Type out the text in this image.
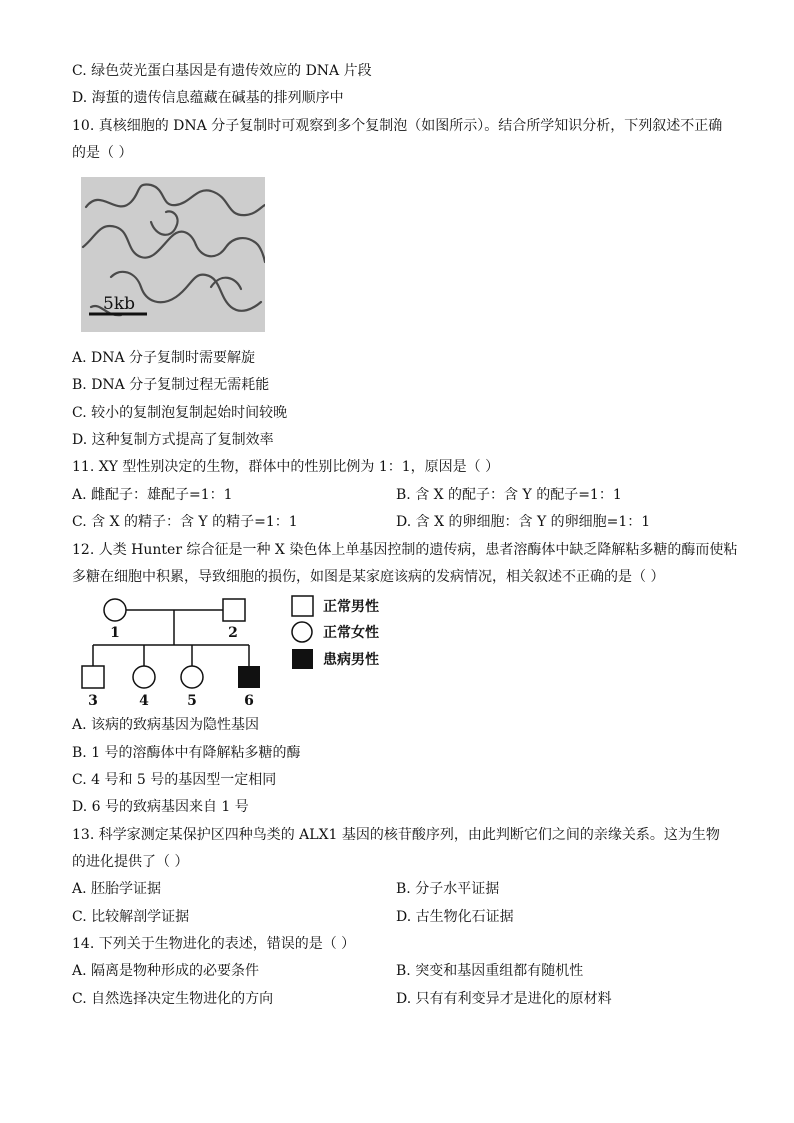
C. 绿色荧光蛋白基因是有遗传效应的 DNA 片段
D. 海蜇的遗传信息蕴藏在碱基的排列顺序中
10. 真核细胞的 DNA 分子复制时可观察到多个复制泡（如图所示）。结合所学知识分析，下列叙述不正确
的是（ ）
5kb
A. DNA 分子复制时需要解旋
B. DNA 分子复制过程无需耗能
C. 较小的复制泡复制起始时间较晚
D. 这种复制方式提高了复制效率
11. XY 型性别决定的生物，群体中的性别比例为 1：1，原因是（ ）
A. 雌配子：雄配子=1：1	B. 含 X 的配子：含 Y 的配子=1：1
C. 含 X 的精子：含 Y 的精子=1：1	D. 含 X 的卵细胞：含 Y 的卵细胞=1：1
12. 人类 Hunter 综合征是一种 X 染色体上单基因控制的遗传病，患者溶酶体中缺乏降解粘多糖的酶而使粘
多糖在细胞中积累，导致细胞的损伤，如图是某家庭该病的发病情况，相关叙述不正确的是（ ）
1	2
3	4	5	6
正常男性
正常女性
患病男性
A. 该病的致病基因为隐性基因
B. 1 号的溶酶体中有降解粘多糖的酶
C. 4 号和 5 号的基因型一定相同
D. 6 号的致病基因来自 1 号
13. 科学家测定某保护区四种鸟类的 ALX1 基因的核苷酸序列，由此判断它们之间的亲缘关系。这为生物
的进化提供了（ ）
A. 胚胎学证据	B. 分子水平证据
C. 比较解剖学证据	D. 古生物化石证据
14. 下列关于生物进化的表述，错误的是（ ）
A. 隔离是物种形成的必要条件	B. 突变和基因重组都有随机性
C. 自然选择决定生物进化的方向	D. 只有有利变异才是进化的原材料
